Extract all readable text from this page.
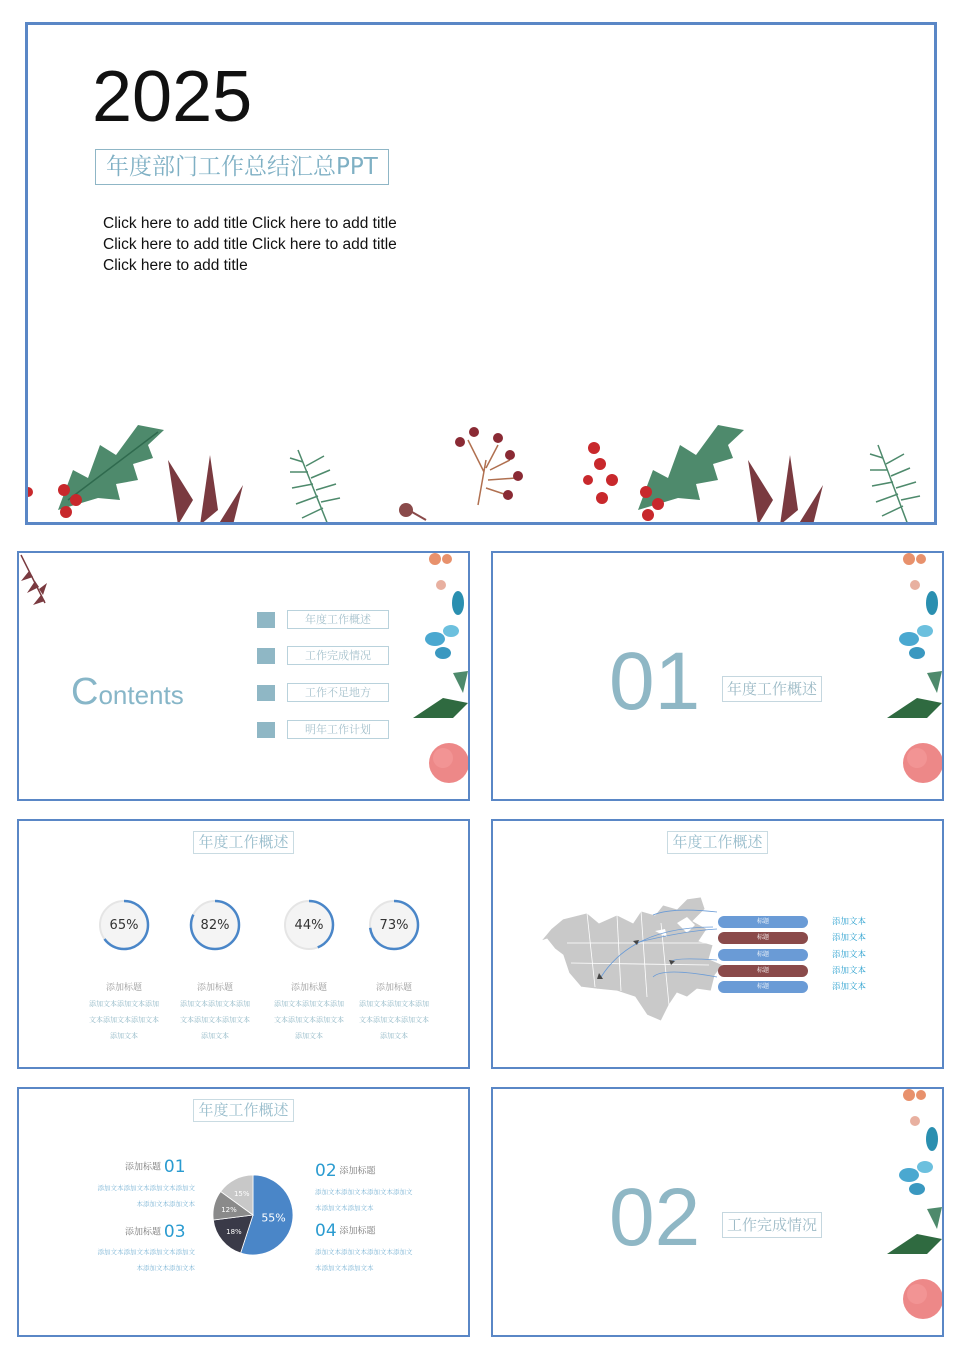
2025
年度部门工作总结汇总PPT
Click here to add title Click here to add title
Click here to add title Click here to add title
Click here to add title
Contents
年度工作概述
工作完成情况
工作不足地方
明年工作计划
01	年度工作概述
年度工作概述
65%
添加标题
添加文本添加文本添加
文本添加文本添加文本
添加文本
82%
添加标题
添加文本添加文本添加
文本添加文本添加文本
添加文本
44%
添加标题
添加文本添加文本添加
文本添加文本添加文本
添加文本
73%
添加标题
添加文本添加文本添加
文本添加文本添加文本
添加文本
年度工作概述
标题	添加文本
标题	添加文本
标题	添加文本
标题	添加文本
标题	添加文本
年度工作概述
添加标题 01
添加文本添加文本添加文本添加文
本添加文本添加文本
02 添加标题
添加文本添加文本添加文本添加文
本添加文本添加文本
添加标题 03
添加文本添加文本添加文本添加文
本添加文本添加文本
04 添加标题
添加文本添加文本添加文本添加文
本添加文本添加文本
55%
18%
12%
15%	02	工作完成情况
